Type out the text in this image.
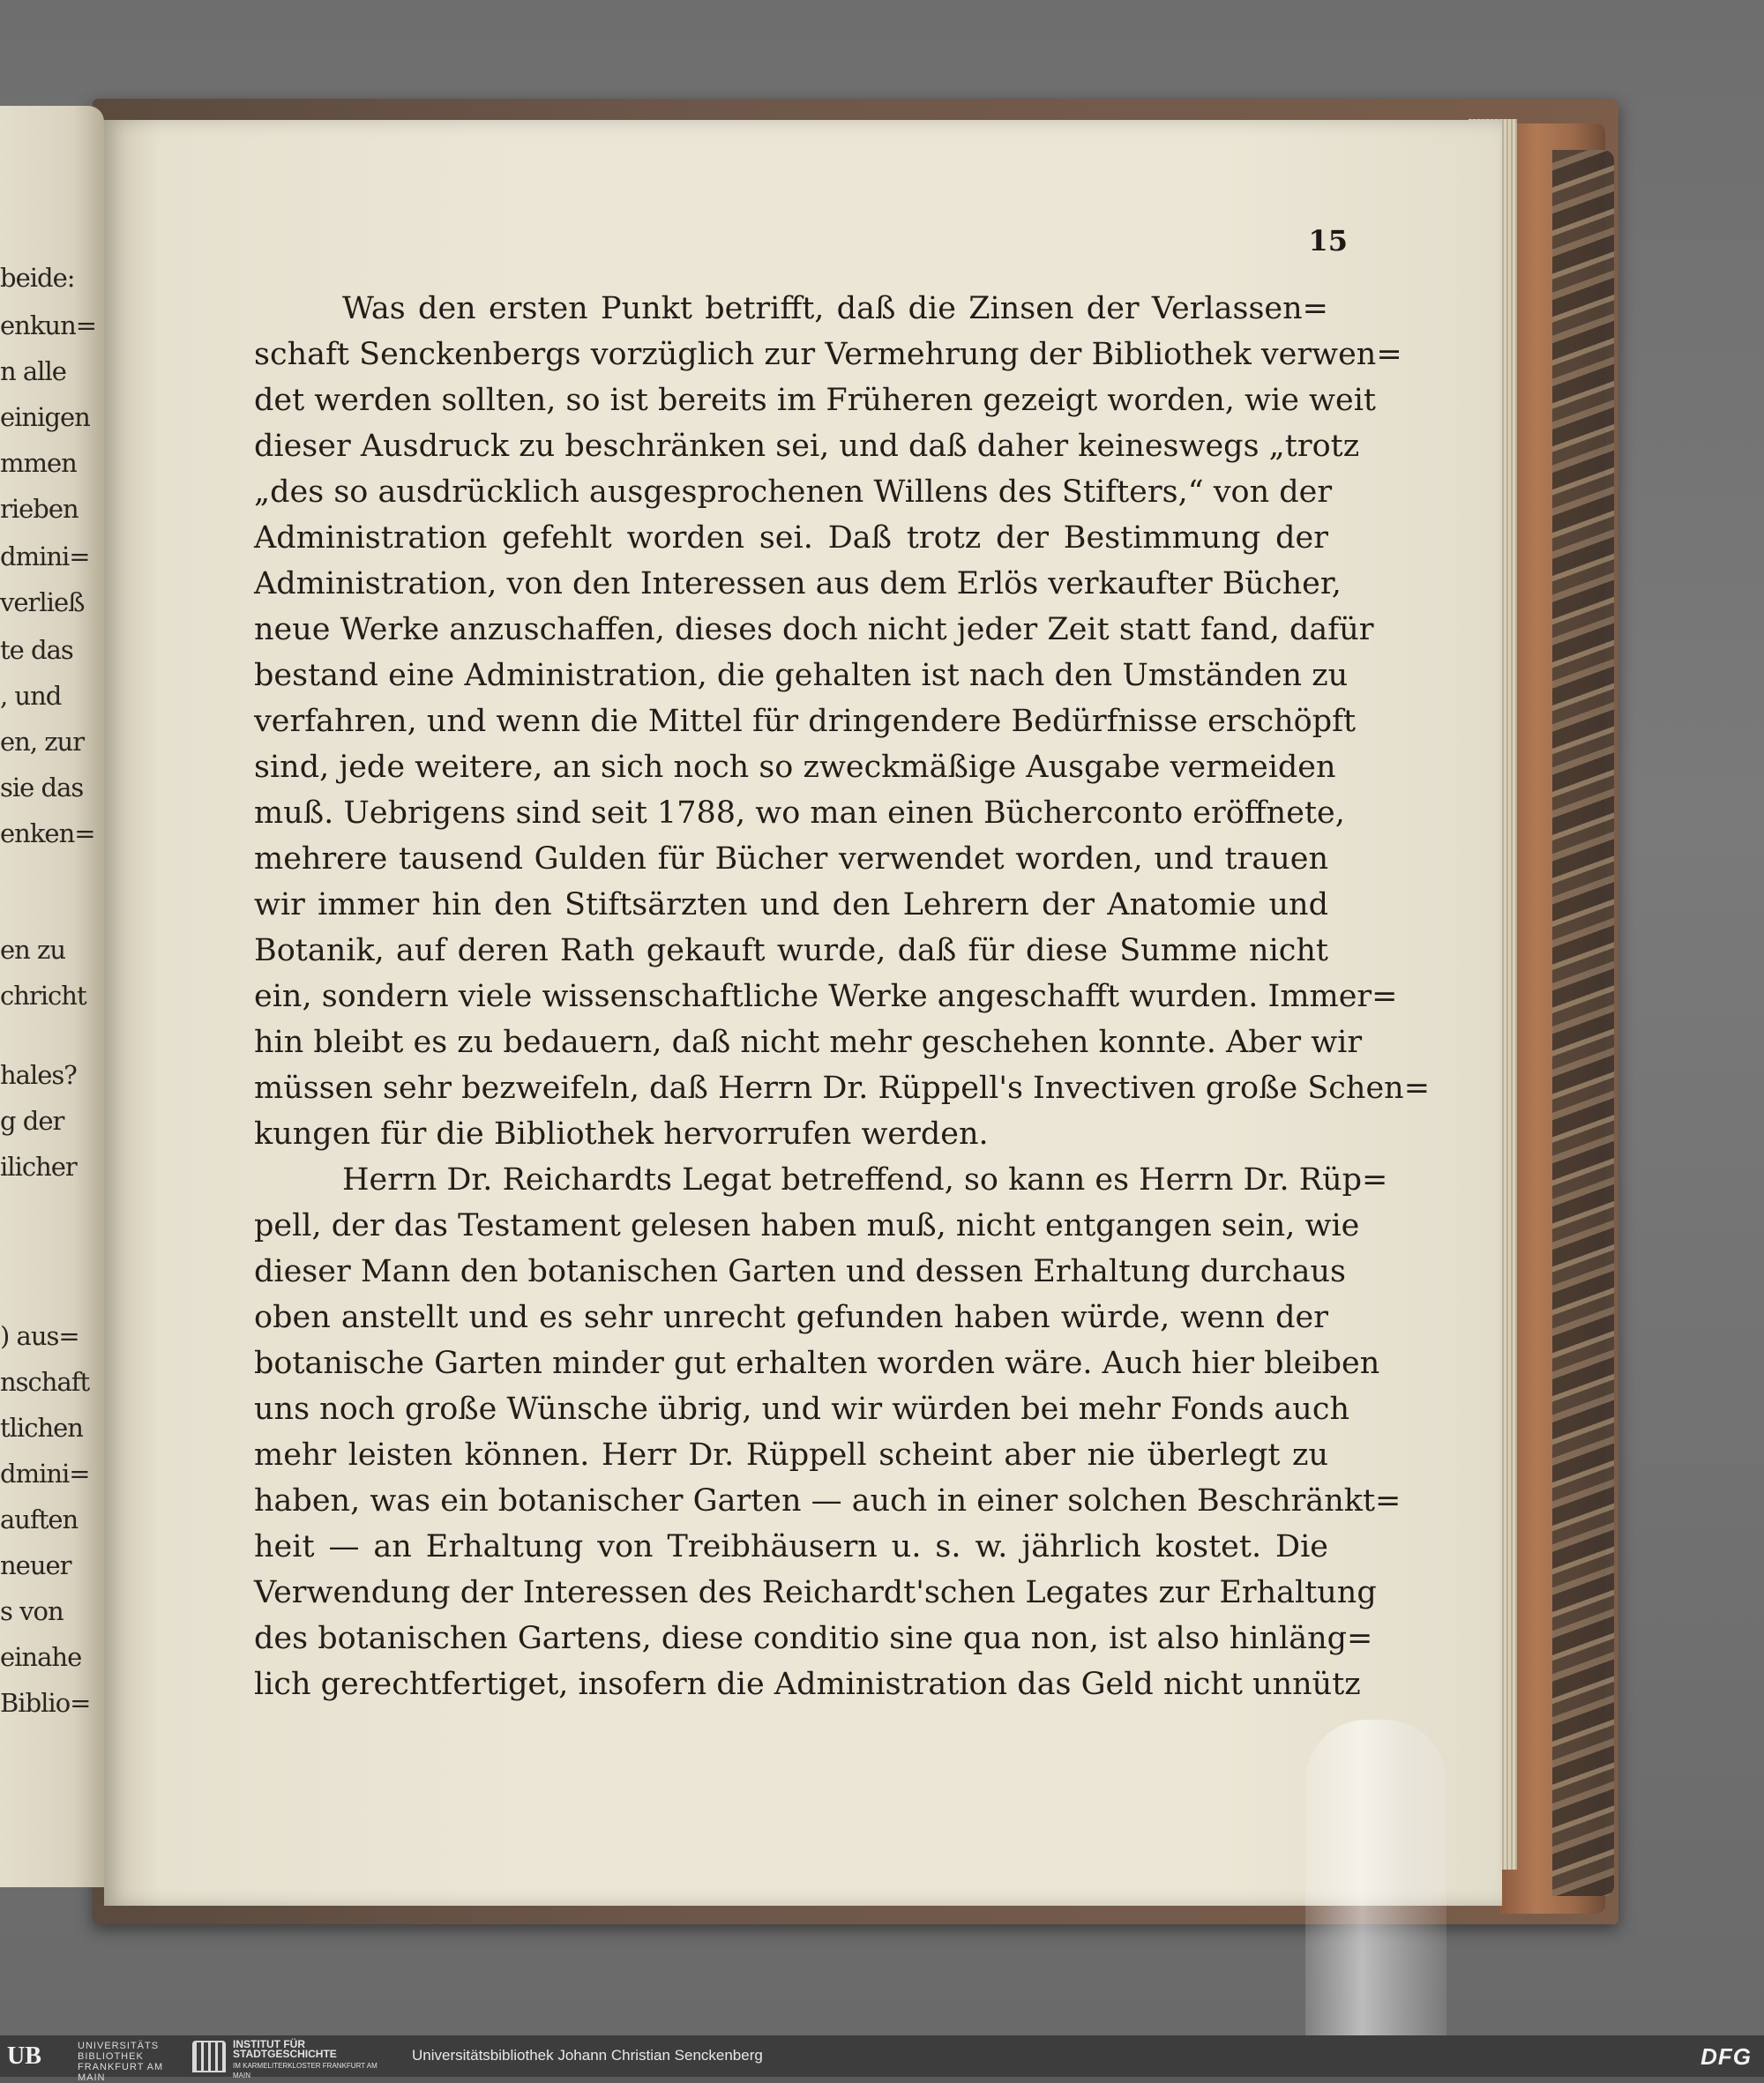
beide:
enkun=
n alle
einigen
mmen
rieben
dmini=
verließ
te das
, und
en, zur
sie das
enken=
en zu
chricht
hales?
g der
ilicher
) aus=
nschaft
tlichen
dmini=
auften
neuer
s von
einahe
Biblio=
15
Was den ersten Punkt betrifft, daß die Zinsen der Verlassen=
schaft Senckenbergs vorzüglich zur Vermehrung der Bibliothek verwen=
det werden sollten, so ist bereits im Früheren gezeigt worden, wie weit
dieser Ausdruck zu beschränken sei, und daß daher keineswegs „trotz
„des so ausdrücklich ausgesprochenen Willens des Stifters,“ von der
Administration gefehlt worden sei. Daß trotz der Bestimmung der
Administration, von den Interessen aus dem Erlös verkaufter Bücher,
neue Werke anzuschaffen, dieses doch nicht jeder Zeit statt fand, dafür
bestand eine Administration, die gehalten ist nach den Umständen zu
verfahren, und wenn die Mittel für dringendere Bedürfnisse erschöpft
sind, jede weitere, an sich noch so zweckmäßige Ausgabe vermeiden
muß. Uebrigens sind seit 1788, wo man einen Bücherconto eröffnete,
mehrere tausend Gulden für Bücher verwendet worden, und trauen
wir immer hin den Stiftsärzten und den Lehrern der Anatomie und
Botanik, auf deren Rath gekauft wurde, daß für diese Summe nicht
ein, sondern viele wissenschaftliche Werke angeschafft wurden. Immer=
hin bleibt es zu bedauern, daß nicht mehr geschehen konnte. Aber wir
müssen sehr bezweifeln, daß Herrn Dr. Rüppell's Invectiven große Schen=
kungen für die Bibliothek hervorrufen werden.
Herrn Dr. Reichardts Legat betreffend, so kann es Herrn Dr. Rüp=
pell, der das Testament gelesen haben muß, nicht entgangen sein, wie
dieser Mann den botanischen Garten und dessen Erhaltung durchaus
oben anstellt und es sehr unrecht gefunden haben würde, wenn der
botanische Garten minder gut erhalten worden wäre. Auch hier bleiben
uns noch große Wünsche übrig, und wir würden bei mehr Fonds auch
mehr leisten können. Herr Dr. Rüppell scheint aber nie überlegt zu
haben, was ein botanischer Garten — auch in einer solchen Beschränkt=
heit — an Erhaltung von Treibhäusern u. s. w. jährlich kostet. Die
Verwendung der Interessen des Reichardt'schen Legates zur Erhaltung
des botanischen Gartens, diese conditio sine qua non, ist also hinläng=
lich gerechtfertiget, insofern die Administration das Geld nicht unnütz
UB	UNIVERSITÄTS BIBLIOTHEK FRANKFURT AM MAIN
INSTITUT FÜR STADTGESCHICHTE
IM KARMELITERKLOSTER FRANKFURT AM MAIN
Universitätsbibliothek Johann Christian Senckenberg	DFG
